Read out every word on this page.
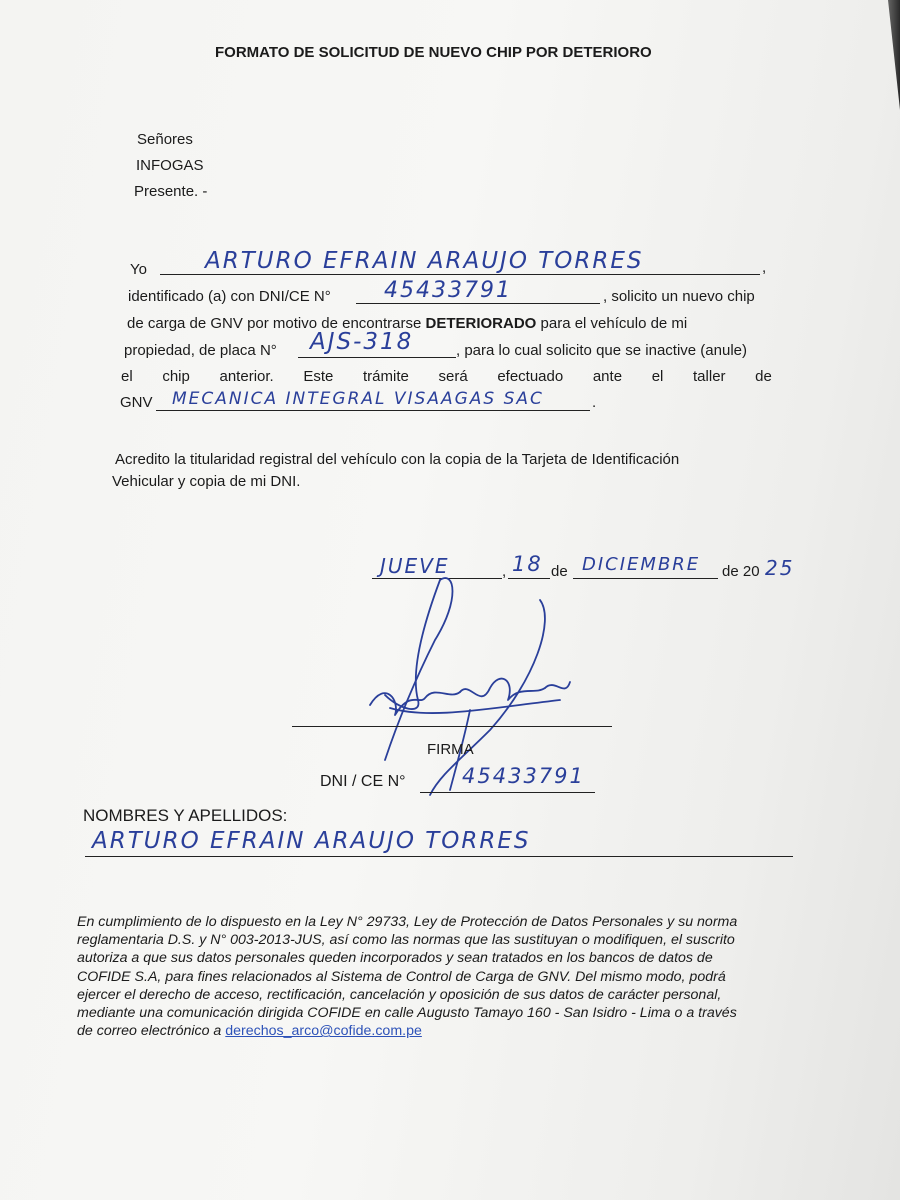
FORMATO DE SOLICITUD DE NUEVO CHIP POR DETERIORO
Señores
INFOGAS
Presente. -
Yo	,
ARTURO EFRAIN ARAUJO TORRES
identificado (a) con DNI/CE N° 45433791	, solicito un nuevo chip
de carga de GNV por motivo de encontrarse DETERIORADO para el vehículo de mi
propiedad, de placa N° AJS-318	, para lo cual solicito que se inactive (anule)
el chip anterior. Este trámite será efectuado ante el taller de
GNV MECANICA INTEGRAL VISAAGAS SAC	.
Acredito la titularidad registral del vehículo con la copia de la Tarjeta de Identificación
Vehicular y copia de mi DNI.
JUEVE	, 18 de DICIEMBRE de 20 25
FIRMA
DNI / CE N°	45433791
NOMBRES Y APELLIDOS:
ARTURO EFRAIN ARAUJO TORRES

En cumplimiento de lo dispuesto en la Ley N° 29733, Ley de Protección de Datos Personales y su norma

reglamentaria D.S. y N° 003-2013-JUS, así como las normas que las sustituyan o modifiquen, el suscrito

autoriza a que sus datos personales queden incorporados y sean tratados en los bancos de datos de

COFIDE S.A, para fines relacionados al Sistema de Control de Carga de GNV. Del mismo modo, podrá

ejercer el derecho de acceso, rectificación, cancelación y oposición de sus datos de carácter personal,

mediante una comunicación dirigida COFIDE en calle Augusto Tamayo 160 - San Isidro - Lima o a través

de correo electrónico a derechos_arco@cofide.com.pe
